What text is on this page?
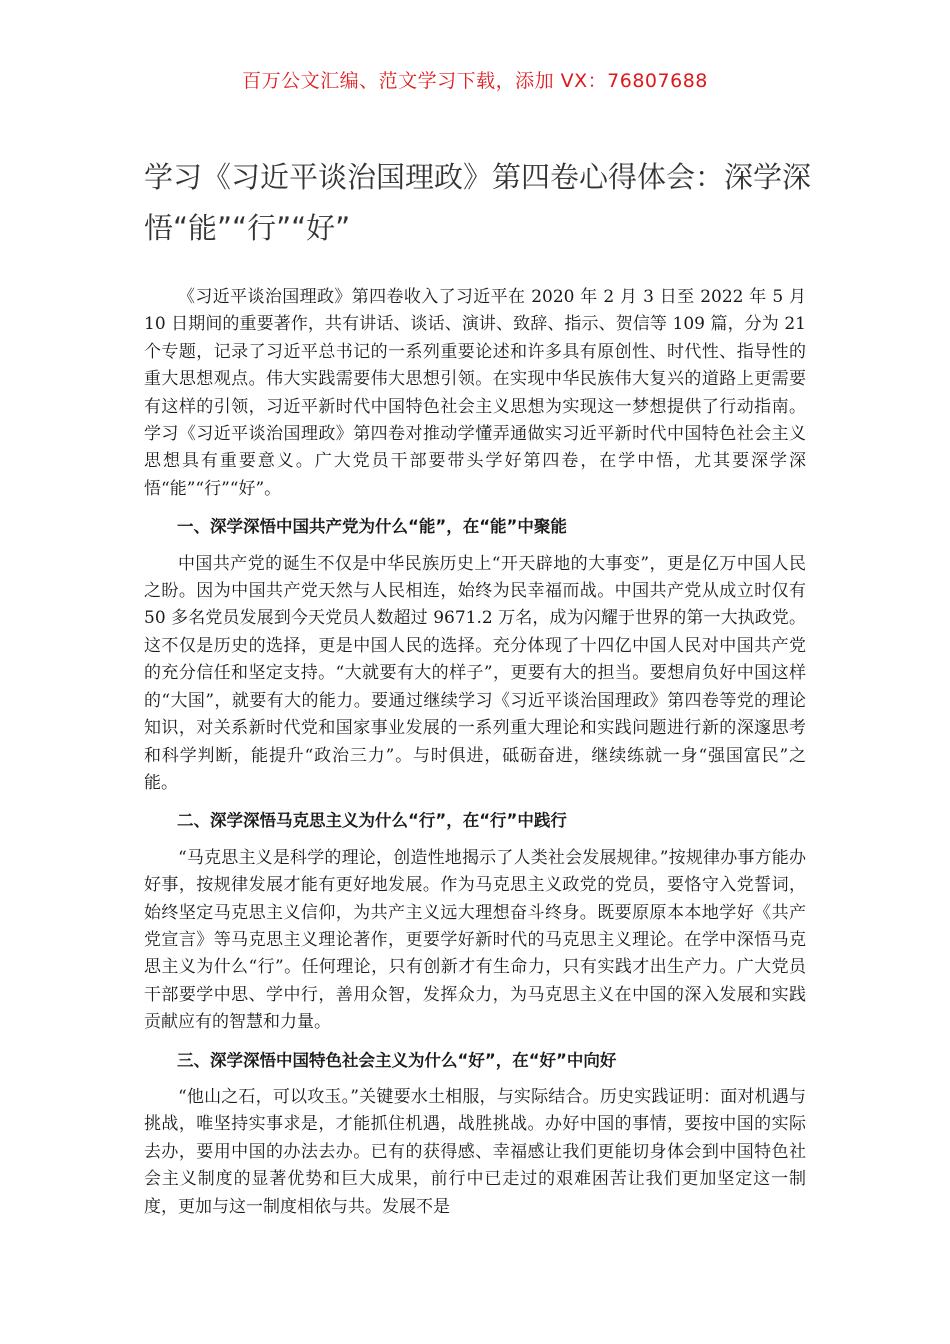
百万公文汇编、范文学习下载，添加 VX：76807688
学习《习近平谈治国理政》第四卷心得体会：深学深悟“能”“行”“好”

《习近平谈治国理政》第四卷收入了习近平在 2020 年 2 月 3 日至 2022 年 5 月 10 日期间的重要著作，共有讲话、谈话、演讲、致辞、指示、贺信等 109 篇，分为 21 个专题，记录了习近平总书记的一系列重要论述和许多具有原创性、时代性、指导性的重大思想观点。伟大实践需要伟大思想引领。在实现中华民族伟大复兴的道路上更需要有这样的引领，习近平新时代中国特色社会主义思想为实现这一梦想提供了行动指南。学习《习近平谈治国理政》第四卷对推动学懂弄通做实习近平新时代中国特色社会主义思想具有重要意义。广大党员干部要带头学好第四卷，在学中悟，尤其要深学深悟“能”“行”“好”。

一、深学深悟中国共产党为什么“能”，在“能”中聚能

中国共产党的诞生不仅是中华民族历史上“开天辟地的大事变”，更是亿万中国人民之盼。因为中国共产党天然与人民相连，始终为民幸福而战。中国共产党从成立时仅有 50 多名党员发展到今天党员人数超过 9671.2 万名，成为闪耀于世界的第一大执政党。这不仅是历史的选择，更是中国人民的选择。充分体现了十四亿中国人民对中国共产党的充分信任和坚定支持。“大就要有大的样子”，更要有大的担当。要想肩负好中国这样的“大国”，就要有大的能力。要通过继续学习《习近平谈治国理政》第四卷等党的理论知识，对关系新时代党和国家事业发展的一系列重大理论和实践问题进行新的深邃思考和科学判断，能提升“政治三力”。与时俱进，砥砺奋进，继续练就一身“强国富民”之能。

二、深学深悟马克思主义为什么“行”，在“行”中践行

“马克思主义是科学的理论，创造性地揭示了人类社会发展规律。”按规律办事方能办好事，按规律发展才能有更好地发展。作为马克思主义政党的党员，要恪守入党誓词，始终坚定马克思主义信仰，为共产主义远大理想奋斗终身。既要原原本本地学好《共产党宣言》等马克思主义理论著作，更要学好新时代的马克思主义理论。在学中深悟马克思主义为什么“行”。任何理论，只有创新才有生命力，只有实践才出生产力。广大党员干部要学中思、学中行，善用众智，发挥众力，为马克思主义在中国的深入发展和实践贡献应有的智慧和力量。

三、深学深悟中国特色社会主义为什么“好”，在“好”中向好

“他山之石，可以攻玉。”关键要水土相服，与实际结合。历史实践证明：面对机遇与挑战，唯坚持实事求是，才能抓住机遇，战胜挑战。办好中国的事情，要按中国的实际去办，要用中国的办法去办。已有的获得感、幸福感让我们更能切身体会到中国特色社会主义制度的显著优势和巨大成果，前行中已走过的艰难困苦让我们更加坚定这一制度，更加与这一制度相依与共。发展不是
